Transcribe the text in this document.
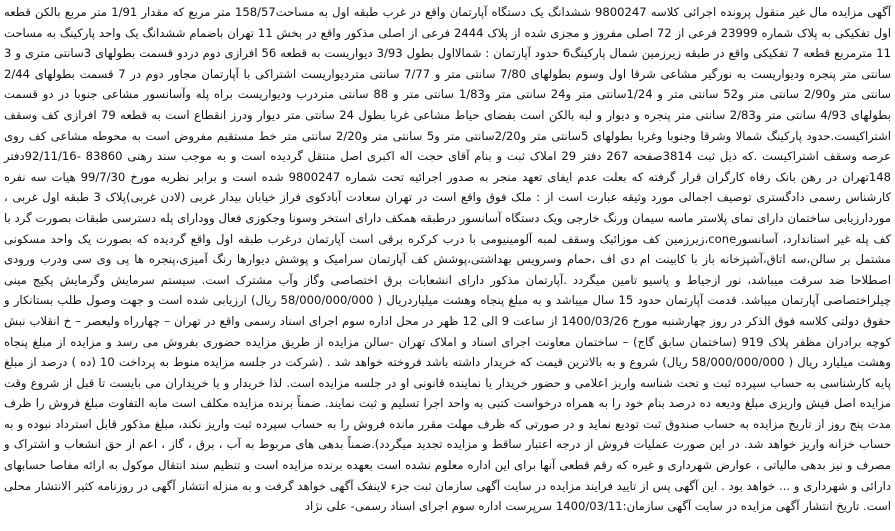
آگهی مزایده مال غیر منقول پرونده اجرائی کلاسه 9800247 ششدانگ یک دستگاه آپارتمان واقع در غرب طبقه اول به مساحت158/57 متر مربع که مقدار 1/91 متر مربع بالکن قطعه اول تفکیکی به پلاک شماره 23999 فرعی از 72 اصلی مفروز و مجزی شده از پلاک 2444 فرعی از اصلی مذکور واقع در بخش 11 تهران باضمام ششدانگ یک واحد پارکینگ به مساحت 11 مترمربع قطعه 7 تفکیکی واقع در طبقه زیرزمین شمال پارکینگ6 حدود آپارتمان : شمالااول بطول 3/93 دیواریست به قطعه 56 افرازی دوم دردو قسمت بطولهای 3سانتی متری و 3 سانتی متر پنجره ودیواریست به نورگیر مشاعی شرقا اول وسوم بطولهای 7/80 سانتی متر و 7/77 سانتی متردیواریست اشتراکی با آپارتمان مجاور دوم در 7 قسمت بطولهای 2/44 سانتی متر و2/90 سانتی متر و52 سانتی متر و 1/24سانتی متر و24 سانتی متر و1/83 سانتی متر و 88 سانتی متردرب ودیواریست براه پله وآسانسور مشاعی جنوبا در دو قسمت بطولهای 4/93 سانتی متر و2/83 سانتی متر پنجره و دیوار و لبه بالکن است بفضای حیاط مشاعی غربا بطول 24 سانتی متر دیوار ودرز انقطاع است به قطعه 79 افرازی کف وسقف اشتراکیست.حدود پارکینگ شمالا وشرقا وجنوبا وغربا بطولهای 5سانتی متر و2/20سانتی متر و5 سانتی متر و2/20 سانتی متر خط مستقیم مفروض است به محوطه مشاعی کف روی عرصه وسقف اشتراکیست .که ذیل ثبت 3814صفحه 267 دفتر 29 املاک ثبت و بنام آقای حجت اله اکبری اصل منتقل گردیده است و به موجب سند رهنی 83860 -92/11/16دفتر 148تهران در رهن بانک رفاه کارگران قرار گرفته که بعلت عدم ایفای تعهد منجر به صدور اجرائیه تحت شماره 9800247 شده است و برابر نظریه مورخ 99/7/30 هیات سه نفره کارشناس رسمی دادگستری توصیف اجمالی مورد وثیقه عبارت است از : ملک فوق واقع است در تهران سعادت آبادکوی فراز خیابان بیدار غربی (لادن غربی)پلاک 3 طبقه اول غربی ، موردارزیابی ساختمان دارای نمای پلاستر ماسه سیمان ورنگ خارجی ویک دستگاه آسانسور درطبقه همکف دارای استخر وسونا وجکوزی فعال وودارای پله دسترسی طبقات بصورت گرد با کف پله غیر استاندارد، آسانسورcone،زیرزمین کف موزائیک وسقف لمبه آلومینیومی با درب کرکره برقی است آپارتمان درغرب طبقه اول واقع گردیده که بصورت یک واحد مسکونی مشتمل بر سالن،سه اتاق،آشپزخانه باز با کابینت ام دی اف ،حمام وسرویس بهداشتی،پوشش کف آپارتمان سرامیک و پوشش دیوارها رنگ آمیزی،پنجره ها پی وی سی ودرب ورودی اصطلاحا ضد سرقت میباشد، نور ازجیاط و پاسیو تامین میگردد .آپارتمان مذکور دارای انشعابات برق اختصاصی وگاز وآب مشترک است. سیستم سرمایش وگرمایش پکیج مینی چیلراختصاصی آپارتمان میباشد. قدمت آپارتمان حدود 15 سال میباشد و به مبلغ پنجاه وهشت میلیاردریال ( 58/000/000/000 ریال) ارزیابی شده است و جهت وصول طلب بستانکار و حقوق دولتی کلاسه فوق الذکر در روز چهارشنبه مورخ 1400/03/26 از ساعت 9 الی 12 ظهر در محل اداره سوم اجرای اسناد رسمی واقع در تهران – چهارراه ولیعصر – خ انقلاب نبش کوچه برادران مظفر پلاک 919 (ساختمان سابق گاج) – ساختمان معاونت اجرای اسناد و املاک تهران -سالن مزایده از طریق مزایده حضوری بفروش می رسد و مزایده از مبلغ پنجاه وهشت میلیارد ریال ( 58/000/000/000 ریال) شروع و به بالاترین قیمت که خریدار داشته باشد فروخته خواهد شد . (شرکت در جلسه مزایده منوط به پرداخت 10 (ده ) درصد از مبلغ پایه کارشناسی به حساب سپرده ثبت و تحت شناسه واریز اعلامی و حضور خریدار یا نماینده قانونی او در جلسه مزایده است. لذا خریدار و یا خریداران می بایست تا قبل از شروع وقت مزایده اصل فیش واریزی مبلغ ودیعه ده درصد بنام خود را به همراه درخواست کتبی به واحد اجرا تسلیم و ثبت نمایند. ضمناً برنده مزایده مکلف است مابه التفاوت مبلغ فروش را ظرف مدت پنج روز از تاریخ مزایده به حساب صندوق ثبت تودیع نماید و در صورتی که ظرف مهلت مقرر مانده فروش را به حساب سپرده ثبت واریز نکند، مبلغ مذکور قابل استرداد نبوده و به حساب خزانه واریز خواهد شد. در این صورت عملیات فروش از درجه اعتبار ساقط و مزایده تجدید میگردد).ضمناً بدهی های مربوط به آب ، برق ، گاز ، اعم از حق انشعاب و اشتراک و مصرف و نیز بدهی مالیاتی ، عوارض شهرداری و غیره که رقم قطعی آنها برای این اداره معلوم نشده است بعهده برنده مزایده است و تنظیم سند انتقال موکول به ارائه مفاصا حسابهای دارائی و شهرداری و ... خواهد بود . این آگهی پس از تایید فرایند مزایده در سایت آگهی سازمان ثبت جزء لاینفک آگهی خواهد گرفت و به منزله انتشار آگهی در روزنامه کثیر الانتشار محلی است. تاریخ انتشار آگهی مزایده در سایت آگهی سازمان:1400/03/11 سرپرست اداره سوم اجرای اسناد رسمی- علی نژاد
